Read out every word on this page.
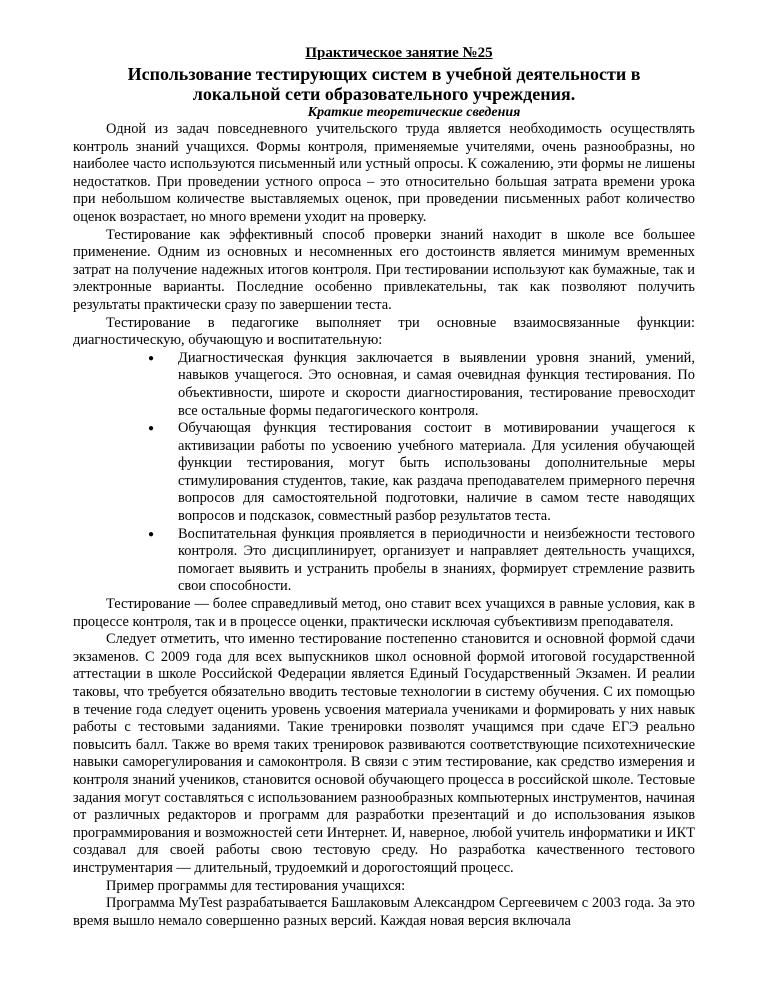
Практическое занятие №25
Использование тестирующих систем в учебной деятельности в
локальной сети образовательного учреждения.
Краткие теоретические сведения

Одной из задач повседневного учительского труда является необходимость осуществлять контроль знаний учащихся. Формы контроля, применяемые учителями, очень разнообразны, но наиболее часто используются письменный или устный опросы. К сожалению, эти формы не лишены недостатков. При проведении устного опроса – это относительно большая затрата времени урока при небольшом количестве выставляемых оценок, при проведении письменных работ количество оценок возрастает, но много времени уходит на проверку.

Тестирование как эффективный способ проверки знаний находит в школе все большее применение. Одним из основных и несомненных его достоинств является минимум временных затрат на получение надежных итогов контроля. При тестировании используют как бумажные, так и электронные варианты. Последние особенно привлекательны, так как позволяют получить результаты практически сразу по завершении теста.

Тестирование в педагогике выполняет три основные взаимосвязанные функции: диагностическую, обучающую и воспитательную:

● Диагностическая функция заключается в выявлении уровня знаний, умений, навыков учащегося. Это основная, и самая очевидная функция тестирования. По объективности, широте и скорости диагностирования, тестирование превосходит все остальные формы педагогического контроля.
● Обучающая функция тестирования состоит в мотивировании учащегося к активизации работы по усвоению учебного материала. Для усиления обучающей функции тестирования, могут быть использованы дополнительные меры стимулирования студентов, такие, как раздача преподавателем примерного перечня вопросов для самостоятельной подготовки, наличие в самом тесте наводящих вопросов и подсказок, совместный разбор результатов теста.
● Воспитательная функция проявляется в периодичности и неизбежности тестового контроля. Это дисциплинирует, организует и направляет деятельность учащихся, помогает выявить и устранить пробелы в знаниях, формирует стремление развить свои способности.

Тестирование — более справедливый метод, оно ставит всех учащихся в равные условия, как в процессе контроля, так и в процессе оценки, практически исключая субъективизм преподавателя.

Следует отметить, что именно тестирование постепенно становится и основной формой сдачи экзаменов. С 2009 года для всех выпускников школ основной формой итоговой государственной аттестации в школе Российской Федерации является Единый Государственный Экзамен. И реалии таковы, что требуется обязательно вводить тестовые технологии в систему обучения. С их помощью в течение года следует оценить уровень усвоения материала учениками и формировать у них навык работы с тестовыми заданиями. Такие тренировки позволят учащимся при сдаче ЕГЭ реально повысить балл. Также во время таких тренировок развиваются соответствующие психотехнические навыки саморегулирования и самоконтроля. В связи с этим тестирование, как средство измерения и контроля знаний учеников, становится основой обучающего процесса в российской школе. Тестовые задания могут составляться с использованием разнообразных компьютерных инструментов, начиная от различных редакторов и программ для разработки презентаций и до использования языков программирования и возможностей сети Интернет. И, наверное, любой учитель информатики и ИКТ создавал для своей работы свою тестовую среду. Но разработка качественного тестового инструментария — длительный, трудоемкий и дорогостоящий процесс.

Пример программы для тестирования учащихся:

Программа MyTest разрабатывается Башлаковым Александром Сергеевичем с 2003 года. За это время вышло немало совершенно разных версий. Каждая новая версия включала
